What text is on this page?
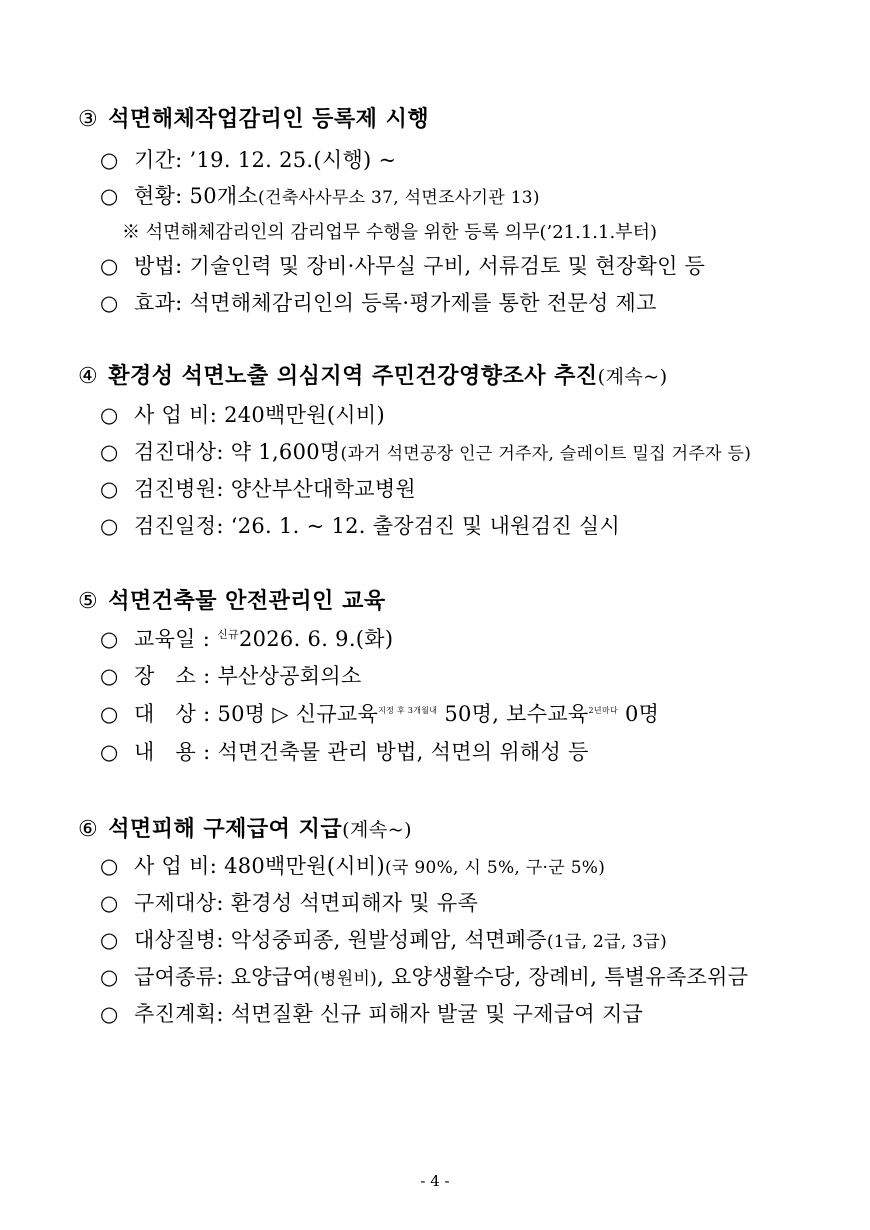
③ 석면해체작업감리인 등록제 시행
○ 기간: ’19. 12. 25.(시행) ~
○ 현황: 50개소(건축사사무소 37, 석면조사기관 13)
※ 석면해체감리인의 감리업무 수행을 위한 등록 의무(’21.1.1.부터)
○ 방법: 기술인력 및 장비·사무실 구비, 서류검토 및 현장확인 등
○ 효과: 석면해체감리인의 등록·평가제를 통한 전문성 제고
④ 환경성 석면노출 의심지역 주민건강영향조사 추진(계속~)
○ 사 업 비: 240백만원(시비)
○ 검진대상: 약 1,600명(과거 석면공장 인근 거주자, 슬레이트 밀집 거주자 등)
○ 검진병원: 양산부산대학교병원
○ 검진일정: ‘26. 1. ~ 12. 출장검진 및 내원검진 실시
⑤ 석면건축물 안전관리인 교육
○ 교육일 : $^{신규}$2026. 6. 9.(화)
○ 장   소 : 부산상공회의소
○ 대   상 : 50명 ▷ 신규교육$^{지정 후 3개월내}$ 50명, 보수교육$^{2년마다}$ 0명
○ 내   용 : 석면건축물 관리 방법, 석면의 위해성 등
⑥ 석면피해 구제급여 지급(계속~)
○ 사 업 비: 480백만원(시비)(국 90%, 시 5%, 구·군 5%)
○ 구제대상: 환경성 석면피해자 및 유족
○ 대상질병: 악성중피종, 원발성폐암, 석면폐증(1급, 2급, 3급)
○ 급여종류: 요양급여(병원비), 요양생활수당, 장례비, 특별유족조위금
○ 추진계획: 석면질환 신규 피해자 발굴 및 구제급여 지급
- 4 -
